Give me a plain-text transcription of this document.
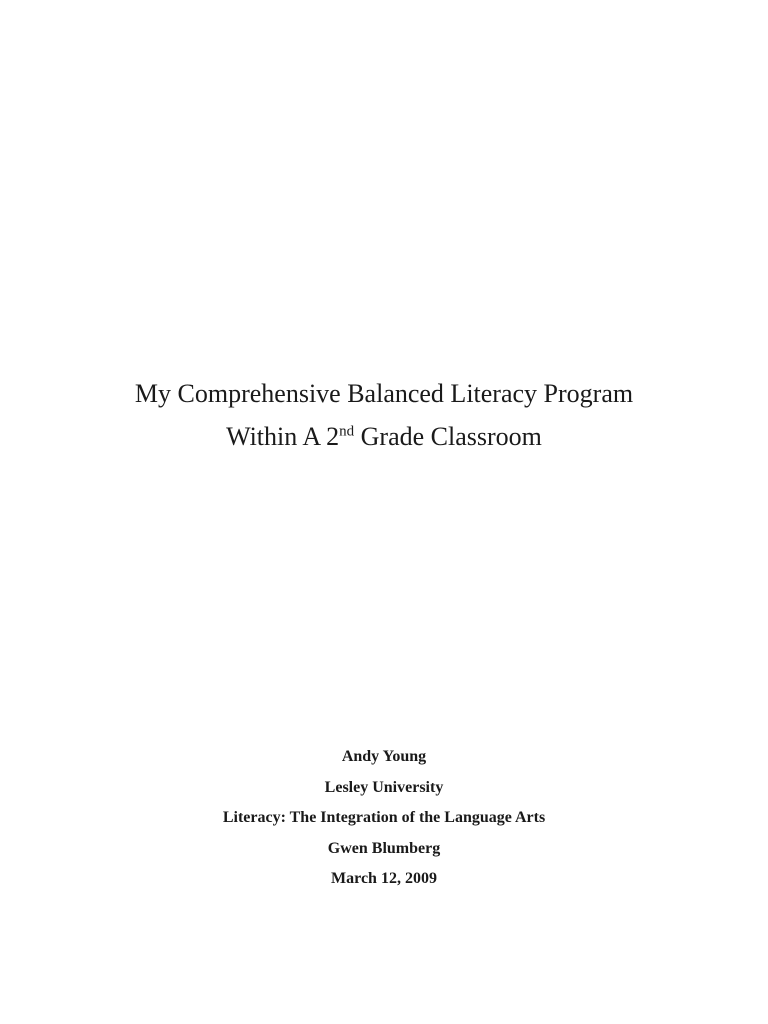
My Comprehensive Balanced Literacy Program

Within A 2nd Grade Classroom

Andy Young

Lesley University

Literacy: The Integration of the Language Arts

Gwen Blumberg

March 12, 2009
